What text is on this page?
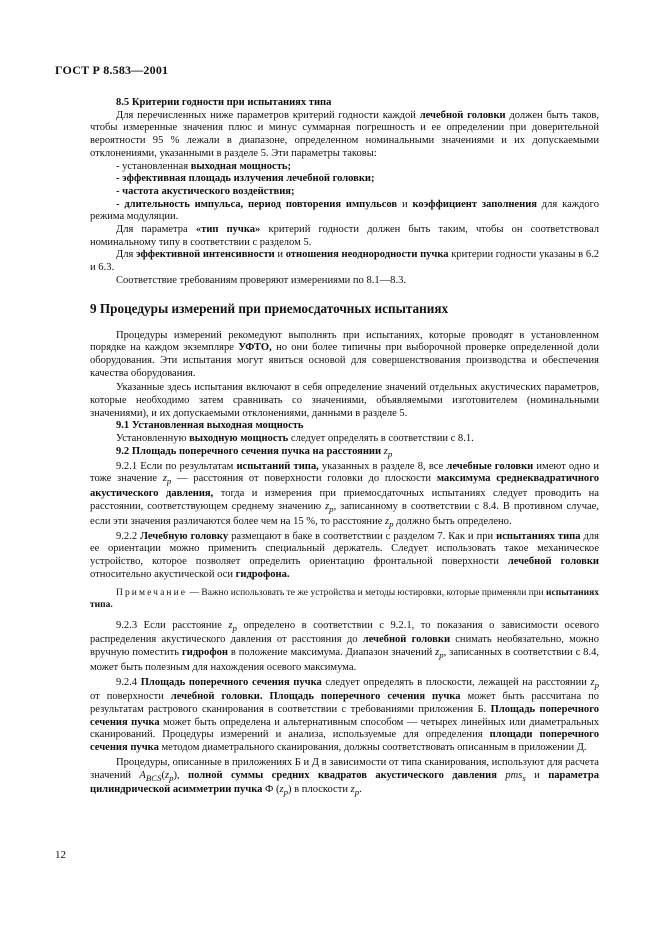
ГОСТ Р 8.583—2001

8.5 Критерии годности при испытаниях типа

Для перечисленных ниже параметров критерий годности каждой лечебной головки должен быть таков, чтобы измеренные значения плюс и минус суммарная погрешность и ее определении при доверительной вероятности 95 % лежали в диапазоне, определенном номинальными значениями и их допускаемыми отклонениями, указанными в разделе 5. Эти параметры таковы:

- установленная выходная мощность;

- эффективная площадь излучения лечебной головки;

- частота акустического воздействия;

- длительность импульса, период повторения импульсов и коэффициент заполнения для каждого режима модуляции.

Для параметра «тип пучка» критерий годности должен быть таким, чтобы он соответствовал номинальному типу в соответствии с разделом 5.

Для эффективной интенсивности и отношения неоднородности пучка критерии годности указаны в 6.2 и 6.3.

Соответствие требованиям проверяют измерениями по 8.1—8.3.

9 Процедуры измерений при приемосдаточных испытаниях

Процедуры измерений рекомедуют выполнять при испытаниях, которые проводят в установленном порядке на каждом экземпляре УФТО, но они более типичны при выборочной проверке определенной доли оборудования. Эти испытания могут явиться основой для совершенствования производства и обеспечения качества оборудования.

Указанные здесь испытания включают в себя определение значений отдельных акустических параметров, которые необходимо затем сравнивать со значениями, объявляемыми изготовителем (номинальными значениями), и их допускаемыми отклонениями, данными в разделе 5.

9.1 Установленная выходная мощность

Установленную выходную мощность следует определять в соответствии с 8.1.

9.2 Площадь поперечного сечения пучка на расстоянии $z_p$

9.2.1 Если по результатам испытаний типа, указанных в разделе 8, все лечебные головки имеют одно и тоже значение $z_p$ — расстояния от поверхности головки до плоскости максимума среднеквадратичного акустического давления, тогда и измерения при приемосдаточных испытаниях следует проводить на расстоянии, соответствующем среднему значению $z_p$, записанному в соответствии с 8.4. В противном случае, если эти значения различаются более чем на 15 %, то расстояние $z_p$ должно быть определено.

9.2.2 Лечебную головку размещают в баке в соответствии с разделом 7. Как и при испытаниях типа для ее ориентации можно применить специальный держатель. Следует использовать такое механическое устройство, которое позволяет определить ориентацию фронтальной поверхности лечебной головки относительно акустической оси гидрофона.

Примечание — Важно использовать те же устройства и методы юстировки, которые применяли при испытаниях типа.

9.2.3 Если расстояние $z_p$ определено в соответствии с 9.2.1, то показания о зависимости осевого распределения акустического давления от расстояния до лечебной головки снимать необязательно, можно вручную поместить гидрофон в положение максимума. Диапазон значений $z_p$, записанных в соответствии с 8.4, может быть полезным для нахождения осевого максимума.

9.2.4 Площадь поперечного сечения пучка следует определять в плоскости, лежащей на расстоянии $z_p$ от поверхности лечебной головки. Площадь поперечного сечения пучка может быть рассчитана по результатам растрового сканирования в соответствии с требованиями приложения Б. Площадь поперечного сечения пучка может быть определена и альтернативным способом — четырех линейных или диаметральных сканирований. Процедуры измерений и анализа, используемые для определения площади поперечного сечения пучка методом диаметрального сканирования, должны соответствовать описанным в приложении Д.

Процедуры, описанные в приложениях Б и Д в зависимости от типа сканирования, используют для расчета значений $A_{BCS}(z_p)$, полной суммы средних квадратов акустического давления pms$_s$ и параметра цилиндрической асимметрии пучка Ф $(z_p)$ в плоскости $z_p$.

12
